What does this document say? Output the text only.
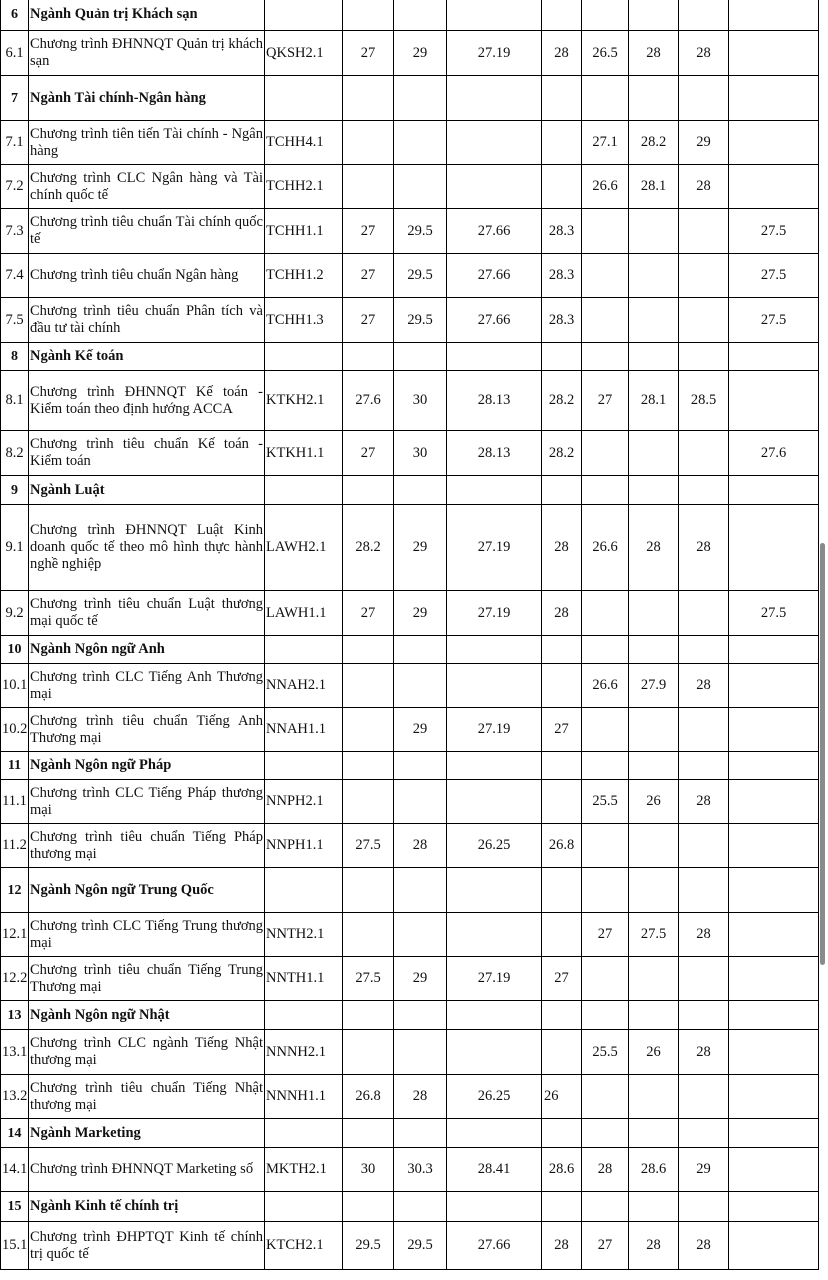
6	Ngành Quản trị Khách sạn									
6.1	Chương trình ĐHNNQT Quản trị khách sạn	QKSH2.1	27	29	27.19	28	26.5	28	28	
7	Ngành Tài chính-Ngân hàng									
7.1	Chương trình tiên tiến Tài chính - Ngân hàng	TCHH4.1					27.1	28.2	29	
7.2	Chương trình CLC Ngân hàng và Tài chính quốc tế	TCHH2.1					26.6	28.1	28	
7.3	Chương trình tiêu chuẩn Tài chính quốc tế	TCHH1.1	27	29.5	27.66	28.3				27.5
7.4	Chương trình tiêu chuẩn Ngân hàng	TCHH1.2	27	29.5	27.66	28.3				27.5
7.5	Chương trình tiêu chuẩn Phân tích và đầu tư tài chính	TCHH1.3	27	29.5	27.66	28.3				27.5
8	Ngành Kế toán									
8.1	Chương trình ĐHNNQT Kế toán - Kiểm toán theo định hướng ACCA	KTKH2.1	27.6	30	28.13	28.2	27	28.1	28.5	
8.2	Chương trình tiêu chuẩn Kế toán - Kiểm toán	KTKH1.1	27	30	28.13	28.2				27.6
9	Ngành Luật									
9.1	Chương trình ĐHNNQT Luật Kinh doanh quốc tế theo mô hình thực hành nghề nghiệp	LAWH2.1	28.2	29	27.19	28	26.6	28	28	
9.2	Chương trình tiêu chuẩn Luật thương mại quốc tế	LAWH1.1	27	29	27.19	28				27.5
10	Ngành Ngôn ngữ Anh									
10.1	Chương trình CLC Tiếng Anh Thương mại	NNAH2.1					26.6	27.9	28	
10.2	Chương trình tiêu chuẩn Tiếng Anh Thương mại	NNAH1.1		29	27.19	27				
11	Ngành Ngôn ngữ Pháp									
11.1	Chương trình CLC Tiếng Pháp thương mại	NNPH2.1					25.5	26	28	
11.2	Chương trình tiêu chuẩn Tiếng Pháp thương mại	NNPH1.1	27.5	28	26.25	26.8				
12	Ngành Ngôn ngữ Trung Quốc									
12.1	Chương trình CLC Tiếng Trung thương mại	NNTH2.1					27	27.5	28	
12.2	Chương trình tiêu chuẩn Tiếng Trung Thương mại	NNTH1.1	27.5	29	27.19	27				
13	Ngành Ngôn ngữ Nhật									
13.1	Chương trình CLC ngành Tiếng Nhật thương mại	NNNH2.1					25.5	26	28	
13.2	Chương trình tiêu chuẩn Tiếng Nhật thương mại	NNNH1.1	26.8	28	26.25	26				
14	Ngành Marketing									
14.1	Chương trình ĐHNNQT Marketing số	MKTH2.1	30	30.3	28.41	28.6	28	28.6	29	
15	Ngành Kinh tế chính trị									
15.1	Chương trình ĐHPTQT Kinh tế chính trị quốc tế	KTCH2.1	29.5	29.5	27.66	28	27	28	28	
